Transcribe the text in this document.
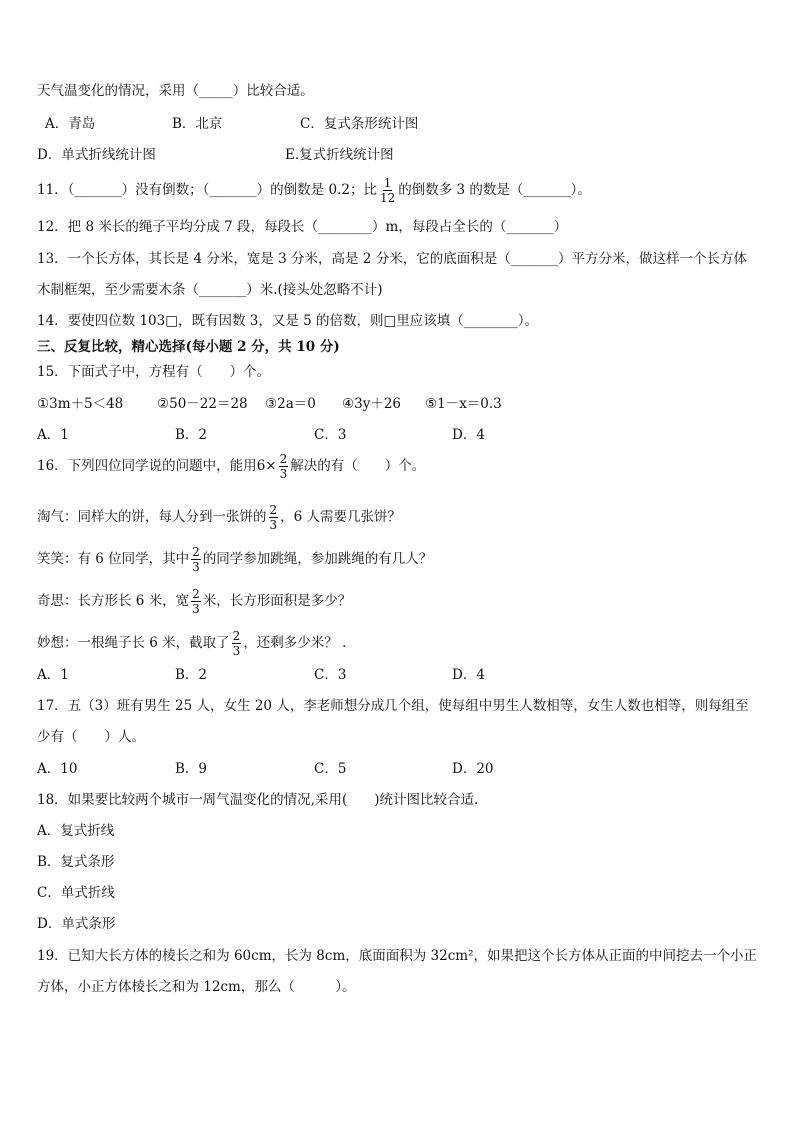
天气温变化的情况，采用（_____）比较合适。
A．青岛	B．北京	C．复式条形统计图
D．单式折线统计图	E.复式折线统计图
11．（_______）没有倒数；（_______）的倒数是 0.2；比 $\frac{1}{12}$ 的倒数多 3 的数是（_______）。
12．把 8 米长的绳子平均分成 7 段，每段长（________）m，每段占全长的（_______）
13．一个长方体，其长是 4 分米，宽是 3 分米，高是 2 分米，它的底面积是（_______）平方分米，做这样一个长方体
木制框架，至少需要木条（_______）米.(接头处忽略不计)
14．要使四位数 103□，既有因数 3，又是 5 的倍数，则□里应该填（________）。
三、反复比较，精心选择(每小题 2 分，共 10 分)
15．下面式子中，方程有（　　）个。
①3m＋5＜48 ②50－22＝28 ③2a＝0 ④3y＋26 ⑤1－x＝0.3
A．1	B．2	C．3	D．4
16．下列四位同学说的问题中，能用$6\times \frac{2}{3}$ 解决的有（　　）个。
淘气：同样大的饼，每人分到一张饼的 $\frac{2}{3}$ ，6 人需要几张饼？
笑笑：有 6 位同学，其中 $\frac{2}{3}$ 的同学参加跳绳，参加跳绳的有几人？
奇思：长方形长 6 米，宽 $\frac{2}{3}$ 米，长方形面积是多少？
妙想：一根绳子长 6 米，截取了 $\frac{2}{3}$ ，还剩多少米？ .
A．1	B．2	C．3	D．4
17．五（3）班有男生 25 人，女生 20 人，李老师想分成几个组，使每组中男生人数相等，女生人数也相等，则每组至
少有（　　）人。
A．10	B．9	C．5	D．20
18．如果要比较两个城市一周气温变化的情况,采用(　　)统计图比较合适.
A．复式折线
B．复式条形
C．单式折线
D．单式条形
19．已知大长方体的棱长之和为 60cm，长为 8cm，底面面积为 32cm²，如果把这个长方体从正面的中间挖去一个小正
方体，小正方体棱长之和为 12cm，那么（　　　）。
